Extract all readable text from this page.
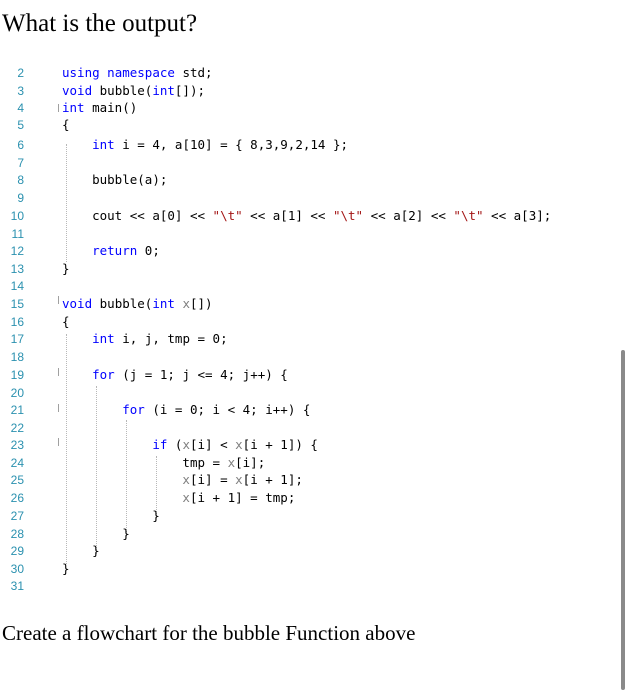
What is the output?
2	using namespace std;
3	void bubble(int[]);
4	int main()
5	{
6	int i = 4, a[10] = { 8,3,9,2,14 };
7
8	bubble(a);
9
10	cout << a[0] << "\t" << a[1] << "\t" << a[2] << "\t" << a[3];
11
12	return 0;
13	}
14
15	void bubble(int x[])
16	{
17	int i, j, tmp = 0;
18
19	for (j = 1; j <= 4; j++) {
20
21	for (i = 0; i < 4; i++) {
22
23	if (x[i] < x[i + 1]) {
24	tmp = x[i];
25	x[i] = x[i + 1];
26	x[i + 1] = tmp;
27	}
28	}
29	}
30	}
31

Create a flowchart for the bubble Function above
